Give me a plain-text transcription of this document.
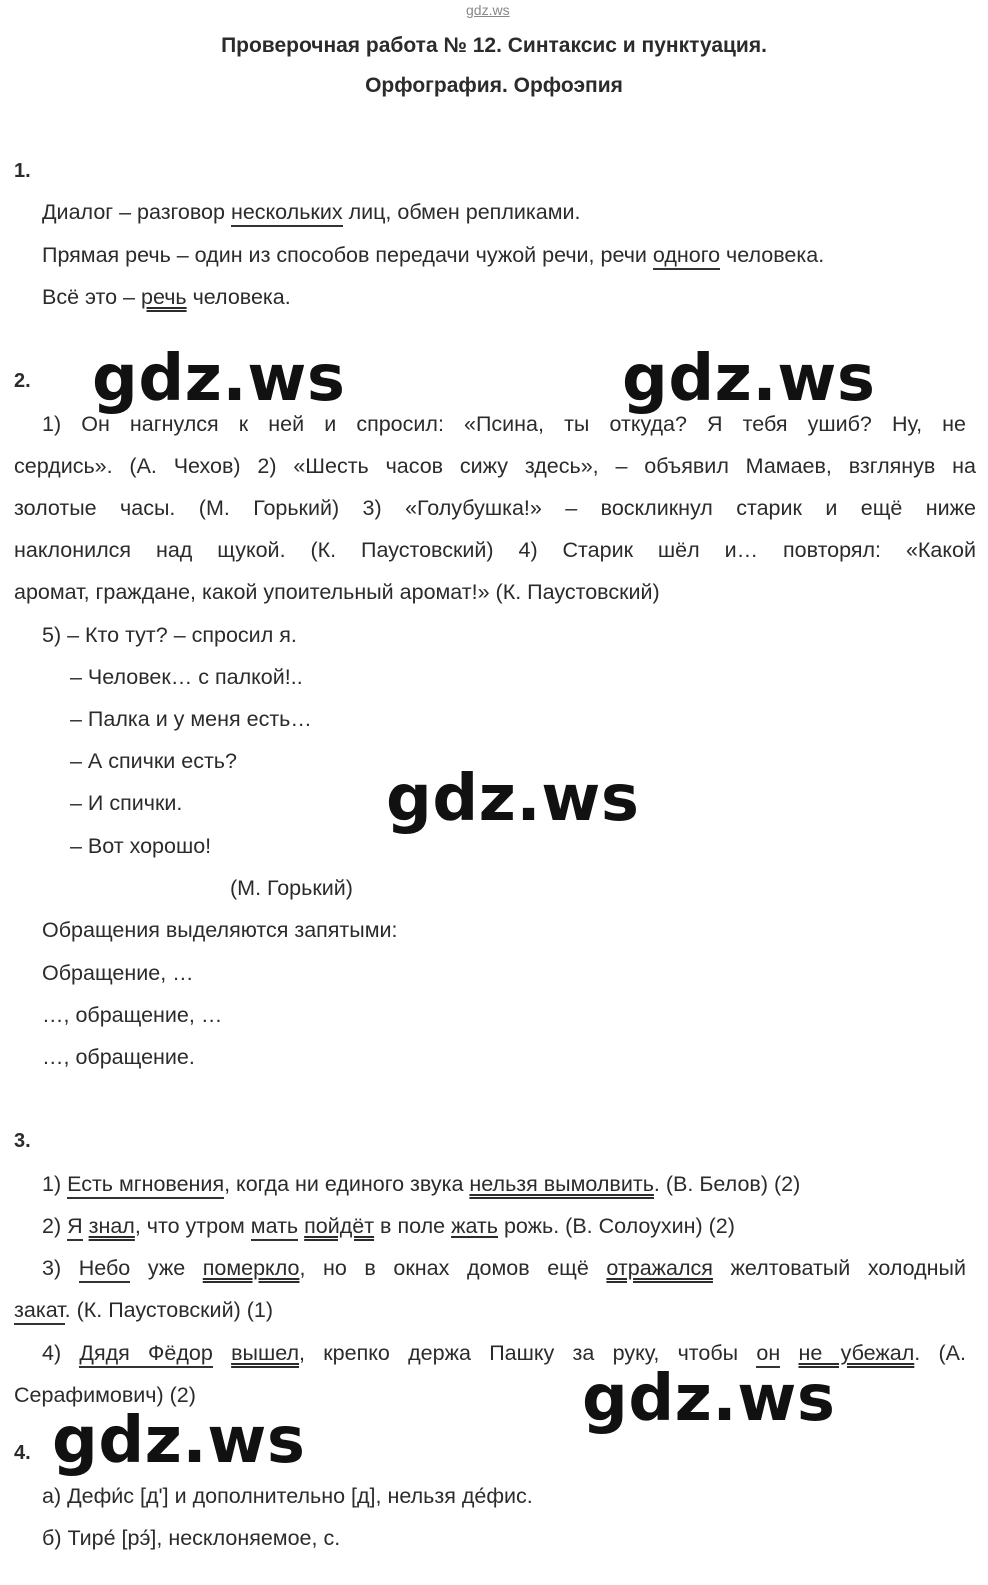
gdz.ws
Проверочная работа № 12. Синтаксис и пунктуация.
Орфография. Орфоэпия
1.
Диалог – разговор нескольких лиц, обмен репликами.
Прямая речь – один из способов передачи чужой речи, речи одного человека.
Всё это – речь человека.
2. gdz.ws	gdz.ws
1) Он нагнулся к ней и спросил: «Псина, ты откуда? Я тебя ушиб? Ну, не
сердись». (А. Чехов) 2) «Шесть часов сижу здесь», – объявил Мамаев, взглянув на
золотые часы. (М. Горький) 3) «Голубушка!» – воскликнул старик и ещё ниже
наклонился над щукой. (К. Паустовский) 4) Старик шёл и… повторял: «Какой
аромат, граждане, какой упоительный аромат!» (К. Паустовский)
5) – Кто тут? – спросил я.
– Человек… с палкой!..
– Палка и у меня есть…
– А спички есть?
– И спички.
– Вот хорошо!
(М. Горький)
gdz.ws
Обращения выделяются запятыми:
Обращение, …
…, обращение, …
…, обращение.
3.
1) Есть мгновения, когда ни единого звука нельзя вымолвить. (В. Белов) (2)
2) Я знал, что утром мать пойдёт в поле жать рожь. (В. Солоухин) (2)
3) Небо уже померкло, но в окнах домов ещё отражался желтоватый холодный
закат. (К. Паустовский) (1)
4) Дядя Фёдор вышел, крепко держа Пашку за руку, чтобы он не убежал. (А.
Серафимович) (2)	gdz.ws
gdz.ws
4.
а) Дефи́с [д'] и дополнительно [д], нельзя де́фис.
б) Тире́ [рэ́], несклоняемое, с.
